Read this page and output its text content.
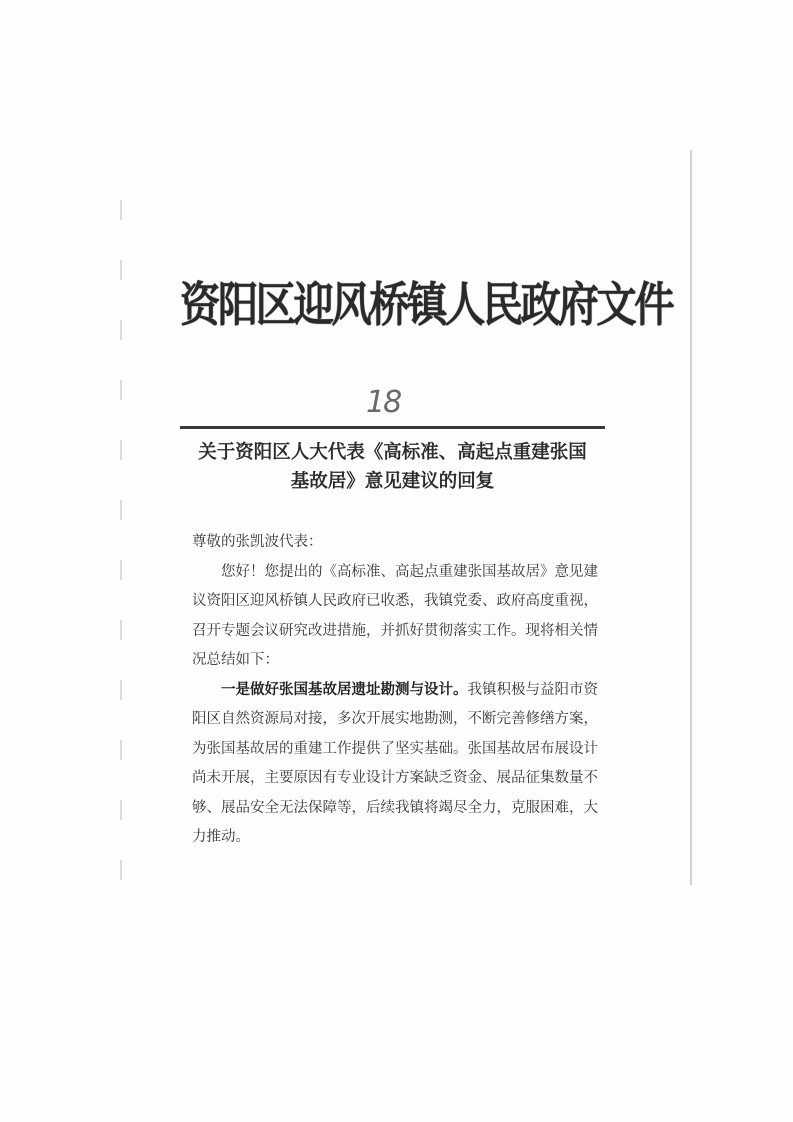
资阳区迎风桥镇人民政府文件
18
关于资阳区人大代表《高标准、高起点重建张国
基故居》意见建议的回复

尊敬的张凯波代表：

您好！您提出的《高标准、高起点重建张国基故居》意见建议资阳区迎风桥镇人民政府已收悉，我镇党委、政府高度重视，召开专题会议研究改进措施，并抓好贯彻落实工作。现将相关情况总结如下：

一是做好张国基故居遗址勘测与设计。我镇积极与益阳市资阳区自然资源局对接，多次开展实地勘测，不断完善修缮方案，为张国基故居的重建工作提供了坚实基础。张国基故居布展设计尚未开展，主要原因有专业设计方案缺乏资金、展品征集数量不够、展品安全无法保障等，后续我镇将竭尽全力，克服困难，大力推动。
